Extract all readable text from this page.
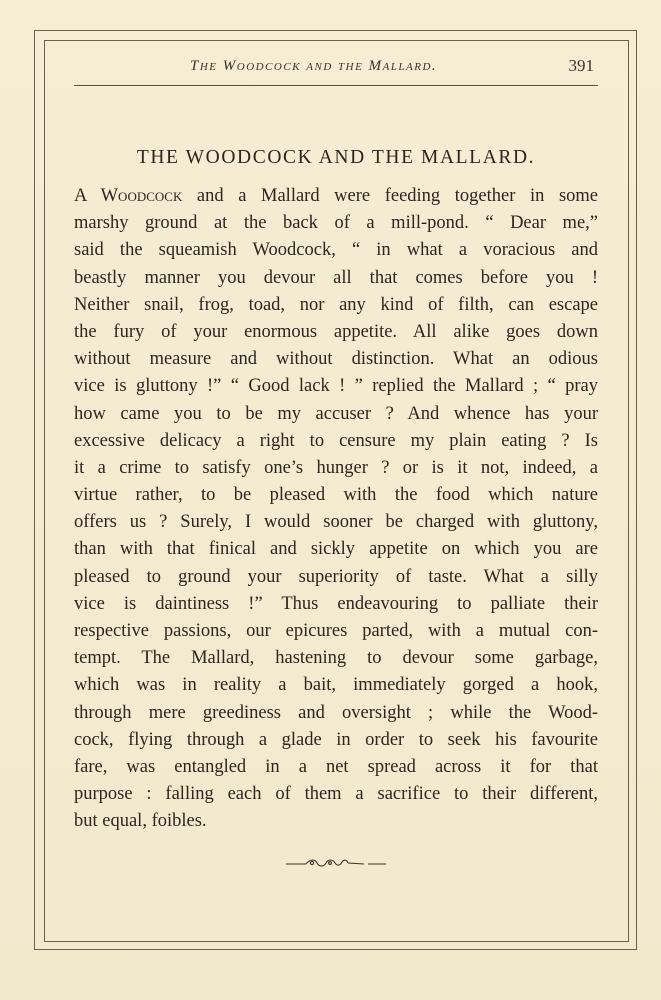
The Woodcock and the Mallard.	391
THE WOODCOCK AND THE MALLARD.
A Woodcock and a Mallard were feeding together in some
marshy ground at the back of a mill-pond. “ Dear me,”
said the squeamish Woodcock, “ in what a voracious and
beastly manner you devour all that comes before you !
Neither snail, frog, toad, nor any kind of filth, can escape
the fury of your enormous appetite. All alike goes down
without measure and without distinction. What an odious
vice is gluttony !” “ Good lack ! ” replied the Mallard ; “ pray
how came you to be my accuser ? And whence has your
excessive delicacy a right to censure my plain eating ? Is
it a crime to satisfy one’s hunger ? or is it not, indeed, a
virtue rather, to be pleased with the food which nature
offers us ? Surely, I would sooner be charged with gluttony,
than with that finical and sickly appetite on which you are
pleased to ground your superiority of taste. What a silly
vice is daintiness !” Thus endeavouring to palliate their
respective passions, our epicures parted, with a mutual con-
tempt. The Mallard, hastening to devour some garbage,
which was in reality a bait, immediately gorged a hook,
through mere greediness and oversight ; while the Wood-
cock, flying through a glade in order to seek his favourite
fare, was entangled in a net spread across it for that
purpose : falling each of them a sacrifice to their different,
but equal, foibles.
